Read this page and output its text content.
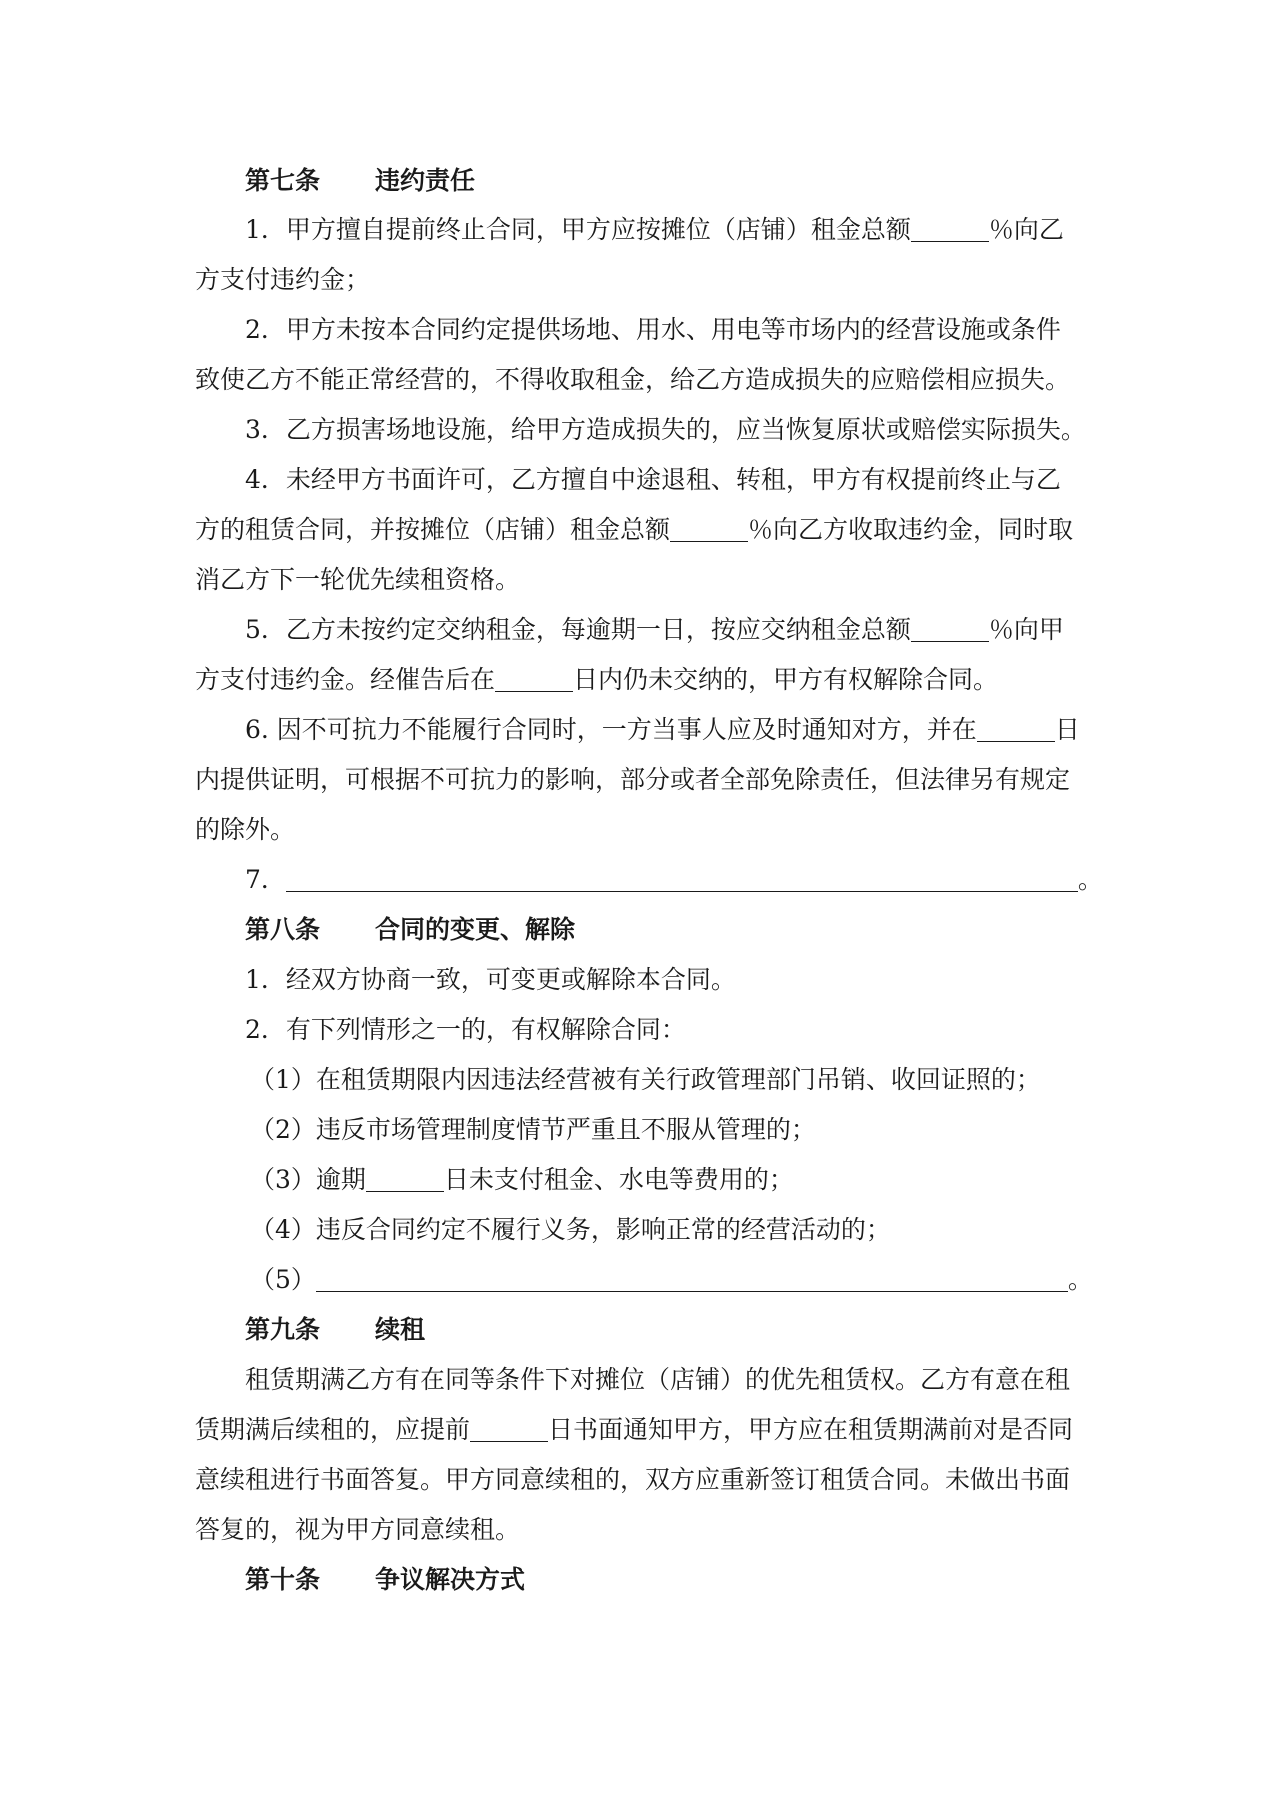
第七条 违约责任
1．甲方擅自提前终止合同，甲方应按摊位（店铺）租金总额	％向乙
方支付违约金；
2．甲方未按本合同约定提供场地、用水、用电等市场内的经营设施或条件
致使乙方不能正常经营的，不得收取租金，给乙方造成损失的应赔偿相应损失。
3．乙方损害场地设施，给甲方造成损失的，应当恢复原状或赔偿实际损失。
4．未经甲方书面许可，乙方擅自中途退租、转租，甲方有权提前终止与乙
方的租赁合同，并按摊位（店铺）租金总额	％向乙方收取违约金，同时取
消乙方下一轮优先续租资格。
5．乙方未按约定交纳租金，每逾期一日，按应交纳租金总额	％向甲
方支付违约金。经催告后在	日内仍未交纳的，甲方有权解除合同。
6. 因不可抗力不能履行合同时，一方当事人应及时通知对方，并在	日
内提供证明，可根据不可抗力的影响，部分或者全部免除责任，但法律另有规定
的除外。
7．	。
第八条 合同的变更、解除
1．经双方协商一致，可变更或解除本合同。
2．有下列情形之一的，有权解除合同：
（1）在租赁期限内因违法经营被有关行政管理部门吊销、收回证照的；
（2）违反市场管理制度情节严重且不服从管理的；
（3）逾期	日未支付租金、水电等费用的；
（4）违反合同约定不履行义务，影响正常的经营活动的；
（5）	。
第九条 续租
租赁期满乙方有在同等条件下对摊位（店铺）的优先租赁权。乙方有意在租
赁期满后续租的，应提前	日书面通知甲方，甲方应在租赁期满前对是否同
意续租进行书面答复。甲方同意续租的，双方应重新签订租赁合同。未做出书面
答复的，视为甲方同意续租。
第十条 争议解决方式
